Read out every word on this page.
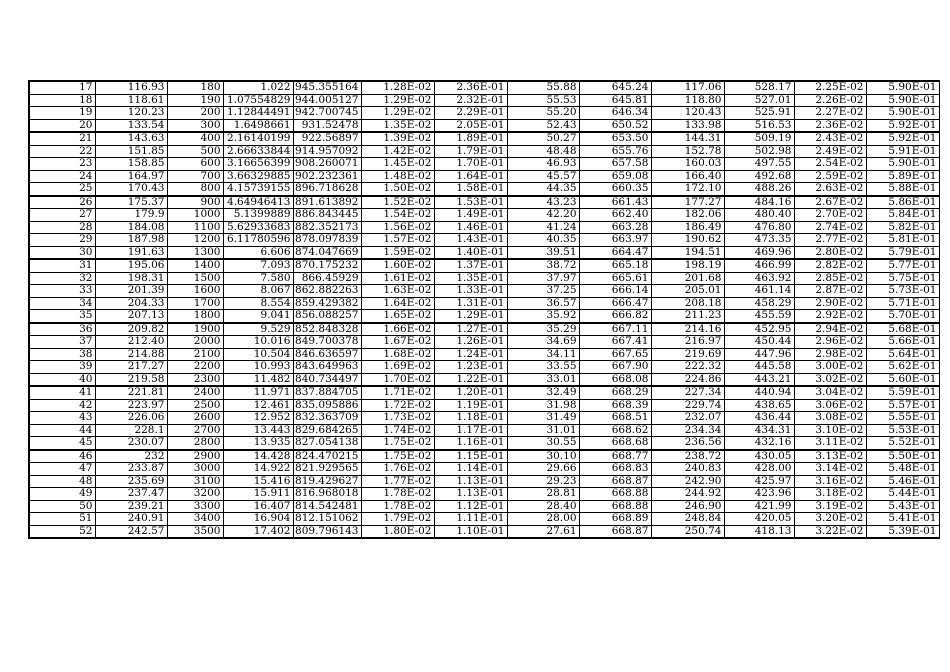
17	116.93	180	1.022	945.355164	1.28E-02	2.36E-01	55.88	645.24	117.06	528.17	2.25E-02	5.90E-01
18	118.61	190	1.07554829	944.005127	1.29E-02	2.32E-01	55.53	645.81	118.80	527.01	2.26E-02	5.90E-01
19	120.23	200	1.12844491	942.700745	1.29E-02	2.29E-01	55.20	646.34	120.43	525.91	2.27E-02	5.90E-01
20	133.54	300	1.6498661	931.52478	1.35E-02	2.05E-01	52.43	650.52	133.98	516.53	2.36E-02	5.92E-01
21	143.63	400	2.16140199	922.56897	1.39E-02	1.89E-01	50.27	653.50	144.31	509.19	2.43E-02	5.92E-01
22	151.85	500	2.66633844	914.957092	1.42E-02	1.79E-01	48.48	655.76	152.78	502.98	2.49E-02	5.91E-01
23	158.85	600	3.16656399	908.260071	1.45E-02	1.70E-01	46.93	657.58	160.03	497.55	2.54E-02	5.90E-01
24	164.97	700	3.66329885	902.232361	1.48E-02	1.64E-01	45.57	659.08	166.40	492.68	2.59E-02	5.89E-01
25	170.43	800	4.15739155	896.718628	1.50E-02	1.58E-01	44.35	660.35	172.10	488.26	2.63E-02	5.88E-01
26	175.37	900	4.64946413	891.613892	1.52E-02	1.53E-01	43.23	661.43	177.27	484.16	2.67E-02	5.86E-01
27	179.9	1000	5.1399889	886.843445	1.54E-02	1.49E-01	42.20	662.40	182.06	480.40	2.70E-02	5.84E-01
28	184.08	1100	5.62933683	882.352173	1.56E-02	1.46E-01	41.24	663.28	186.49	476.80	2.74E-02	5.82E-01
29	187.98	1200	6.11780596	878.097839	1.57E-02	1.43E-01	40.35	663.97	190.62	473.35	2.77E-02	5.81E-01
30	191.63	1300	6.606	874.047669	1.59E-02	1.40E-01	39.51	664.47	194.51	469.96	2.80E-02	5.79E-01
31	195.06	1400	7.093	870.175232	1.60E-02	1.37E-01	38.72	665.18	198.19	466.99	2.82E-02	5.77E-01
32	198.31	1500	7.580	866.45929	1.61E-02	1.35E-01	37.97	665.61	201.68	463.92	2.85E-02	5.75E-01
33	201.39	1600	8.067	862.882263	1.63E-02	1.33E-01	37.25	666.14	205.01	461.14	2.87E-02	5.73E-01
34	204.33	1700	8.554	859.429382	1.64E-02	1.31E-01	36.57	666.47	208.18	458.29	2.90E-02	5.71E-01
35	207.13	1800	9.041	856.088257	1.65E-02	1.29E-01	35.92	666.82	211.23	455.59	2.92E-02	5.70E-01
36	209.82	1900	9.529	852.848328	1.66E-02	1.27E-01	35.29	667.11	214.16	452.95	2.94E-02	5.68E-01
37	212.40	2000	10.016	849.700378	1.67E-02	1.26E-01	34.69	667.41	216.97	450.44	2.96E-02	5.66E-01
38	214.88	2100	10.504	846.636597	1.68E-02	1.24E-01	34.11	667.65	219.69	447.96	2.98E-02	5.64E-01
39	217.27	2200	10.993	843.649963	1.69E-02	1.23E-01	33.55	667.90	222.32	445.58	3.00E-02	5.62E-01
40	219.58	2300	11.482	840.734497	1.70E-02	1.22E-01	33.01	668.08	224.86	443.21	3.02E-02	5.60E-01
41	221.81	2400	11.971	837.884705	1.71E-02	1.20E-01	32.49	668.29	227.34	440.94	3.04E-02	5.59E-01
42	223.97	2500	12.461	835.095886	1.72E-02	1.19E-01	31.98	668.39	229.74	438.65	3.06E-02	5.57E-01
43	226.06	2600	12.952	832.363709	1.73E-02	1.18E-01	31.49	668.51	232.07	436.44	3.08E-02	5.55E-01
44	228.1	2700	13.443	829.684265	1.74E-02	1.17E-01	31.01	668.62	234.34	434.31	3.10E-02	5.53E-01
45	230.07	2800	13.935	827.054138	1.75E-02	1.16E-01	30.55	668.68	236.56	432.16	3.11E-02	5.52E-01
46	232	2900	14.428	824.470215	1.75E-02	1.15E-01	30.10	668.77	238.72	430.05	3.13E-02	5.50E-01
47	233.87	3000	14.922	821.929565	1.76E-02	1.14E-01	29.66	668.83	240.83	428.00	3.14E-02	5.48E-01
48	235.69	3100	15.416	819.429627	1.77E-02	1.13E-01	29.23	668.87	242.90	425.97	3.16E-02	5.46E-01
49	237.47	3200	15.911	816.968018	1.78E-02	1.13E-01	28.81	668.88	244.92	423.96	3.18E-02	5.44E-01
50	239.21	3300	16.407	814.542481	1.78E-02	1.12E-01	28.40	668.88	246.90	421.99	3.19E-02	5.43E-01
51	240.91	3400	16.904	812.151062	1.79E-02	1.11E-01	28.00	668.89	248.84	420.05	3.20E-02	5.41E-01
52	242.57	3500	17.402	809.796143	1.80E-02	1.10E-01	27.61	668.87	250.74	418.13	3.22E-02	5.39E-01
